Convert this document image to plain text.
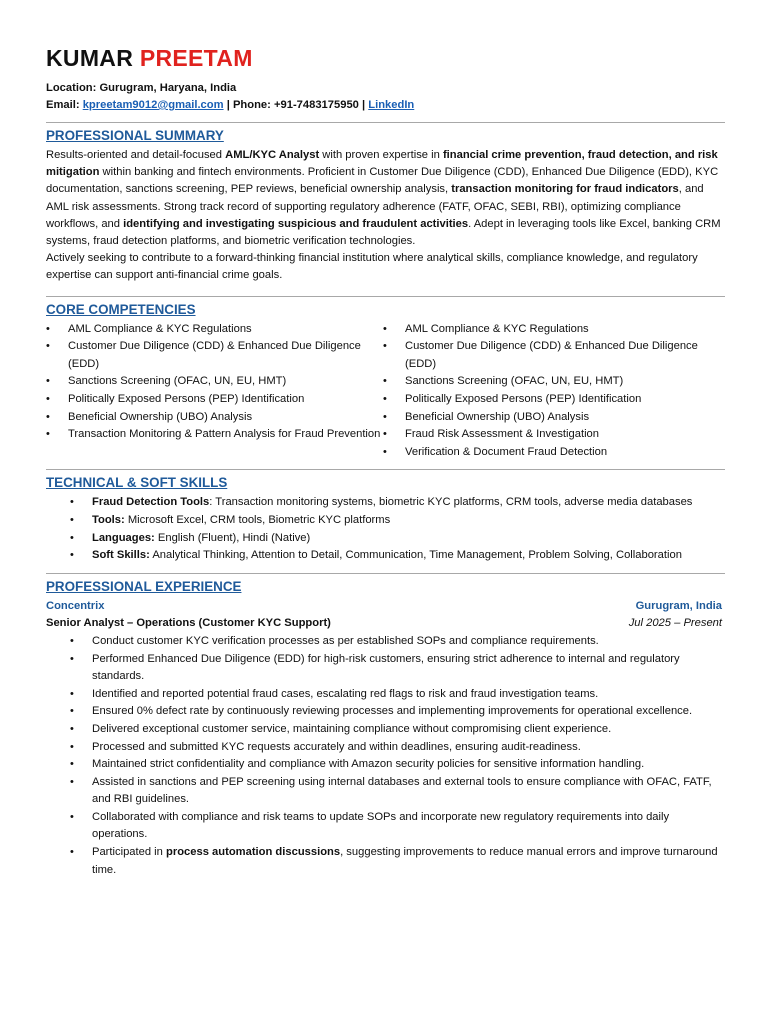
KUMAR PREETAM
Location: Gurugram, Haryana, India
Email: kpreetam9012@gmail.com | Phone: +91-7483175950 | LinkedIn
PROFESSIONAL SUMMARY
Results-oriented and detail-focused AML/KYC Analyst with proven expertise in financial crime prevention, fraud detection, and risk mitigation within banking and fintech environments. Proficient in Customer Due Diligence (CDD), Enhanced Due Diligence (EDD), KYC documentation, sanctions screening, PEP reviews, beneficial ownership analysis, transaction monitoring for fraud indicators, and AML risk assessments. Strong track record of supporting regulatory adherence (FATF, OFAC, SEBI, RBI), optimizing compliance workflows, and identifying and investigating suspicious and fraudulent activities. Adept in leveraging tools like Excel, banking CRM systems, fraud detection platforms, and biometric verification technologies.
Actively seeking to contribute to a forward-thinking financial institution where analytical skills, compliance knowledge, and regulatory expertise can support anti-financial crime goals.
CORE COMPETENCIES
• AML Compliance & KYC Regulations
• Customer Due Diligence (CDD) & Enhanced Due Diligence (EDD)
• Sanctions Screening (OFAC, UN, EU, HMT)
• Politically Exposed Persons (PEP) Identification
• Beneficial Ownership (UBO) Analysis
• Transaction Monitoring & Pattern Analysis for Fraud Prevention
• AML Compliance & KYC Regulations
• Customer Due Diligence (CDD) & Enhanced Due Diligence (EDD)
• Sanctions Screening (OFAC, UN, EU, HMT)
• Politically Exposed Persons (PEP) Identification
• Beneficial Ownership (UBO) Analysis
• Fraud Risk Assessment & Investigation
• Verification & Document Fraud Detection
TECHNICAL & SOFT SKILLS
• Fraud Detection Tools: Transaction monitoring systems, biometric KYC platforms, CRM tools, adverse media databases
• Tools: Microsoft Excel, CRM tools, Biometric KYC platforms
• Languages: English (Fluent), Hindi (Native)
• Soft Skills: Analytical Thinking, Attention to Detail, Communication, Time Management, Problem Solving, Collaboration
PROFESSIONAL EXPERIENCE
Concentrix	Gurugram, India
Senior Analyst – Operations (Customer KYC Support)	Jul 2025 – Present
• Conduct customer KYC verification processes as per established SOPs and compliance requirements.
• Performed Enhanced Due Diligence (EDD) for high-risk customers, ensuring strict adherence to internal and regulatory standards.
• Identified and reported potential fraud cases, escalating red flags to risk and fraud investigation teams.
• Ensured 0% defect rate by continuously reviewing processes and implementing improvements for operational excellence.
• Delivered exceptional customer service, maintaining compliance without compromising client experience.
• Processed and submitted KYC requests accurately and within deadlines, ensuring audit-readiness.
• Maintained strict confidentiality and compliance with Amazon security policies for sensitive information handling.
• Assisted in sanctions and PEP screening using internal databases and external tools to ensure compliance with OFAC, FATF, and RBI guidelines.
• Collaborated with compliance and risk teams to update SOPs and incorporate new regulatory requirements into daily operations.
• Participated in process automation discussions, suggesting improvements to reduce manual errors and improve turnaround time.
